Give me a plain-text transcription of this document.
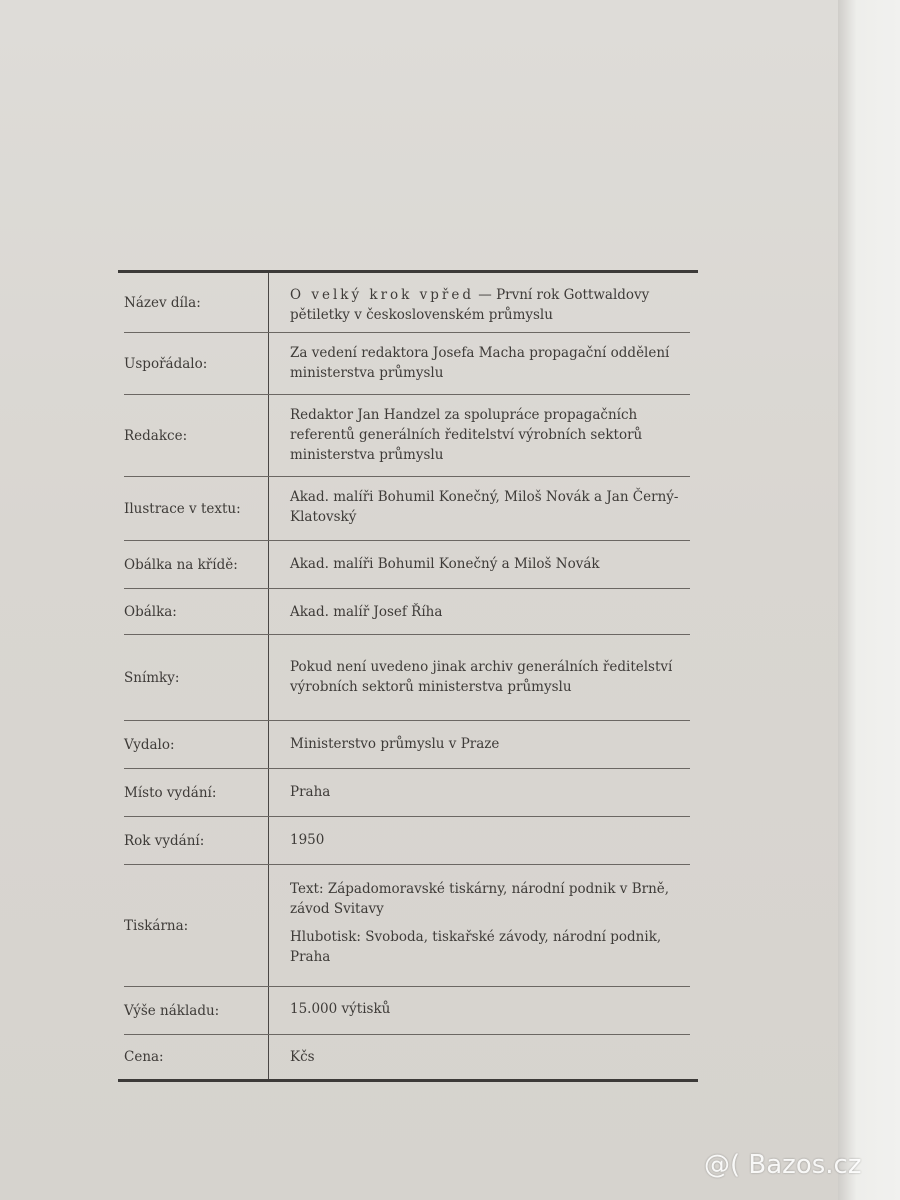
Název díla:	O velký krok vpřed — První rok Gottwaldovy pětiletky v československém průmyslu
Uspořádalo:
Za vedení redaktora Josefa Macha propagační oddělení ministerstva průmyslu
Redakce:
Redaktor Jan Handzel za spolupráce propagačních referentů generálních ředitelství výrobních sektorů ministerstva průmyslu
Ilustrace v textu:
Akad. malíři Bohumil Konečný, Miloš Novák a Jan Černý-Klatovský
Obálka na křídě:	Akad. malíři Bohumil Konečný a Miloš Novák
Obálka:	Akad. malíř Josef Říha
Snímky:
Pokud není uvedeno jinak archiv generálních ředitelství výrobních sektorů ministerstva průmyslu
Vydalo:	Ministerstvo průmyslu v Praze
Místo vydání:	Praha
Rok vydání:	1950
Tiskárna:

Text: Západomoravské tiskárny, národní podnik v Brně, závod Svitavy

Hlubotisk: Svoboda, tiskařské závody, národní podnik, Praha

Výše nákladu:	15.000 výtisků
Cena:	Kčs
@( Bazos.cz
